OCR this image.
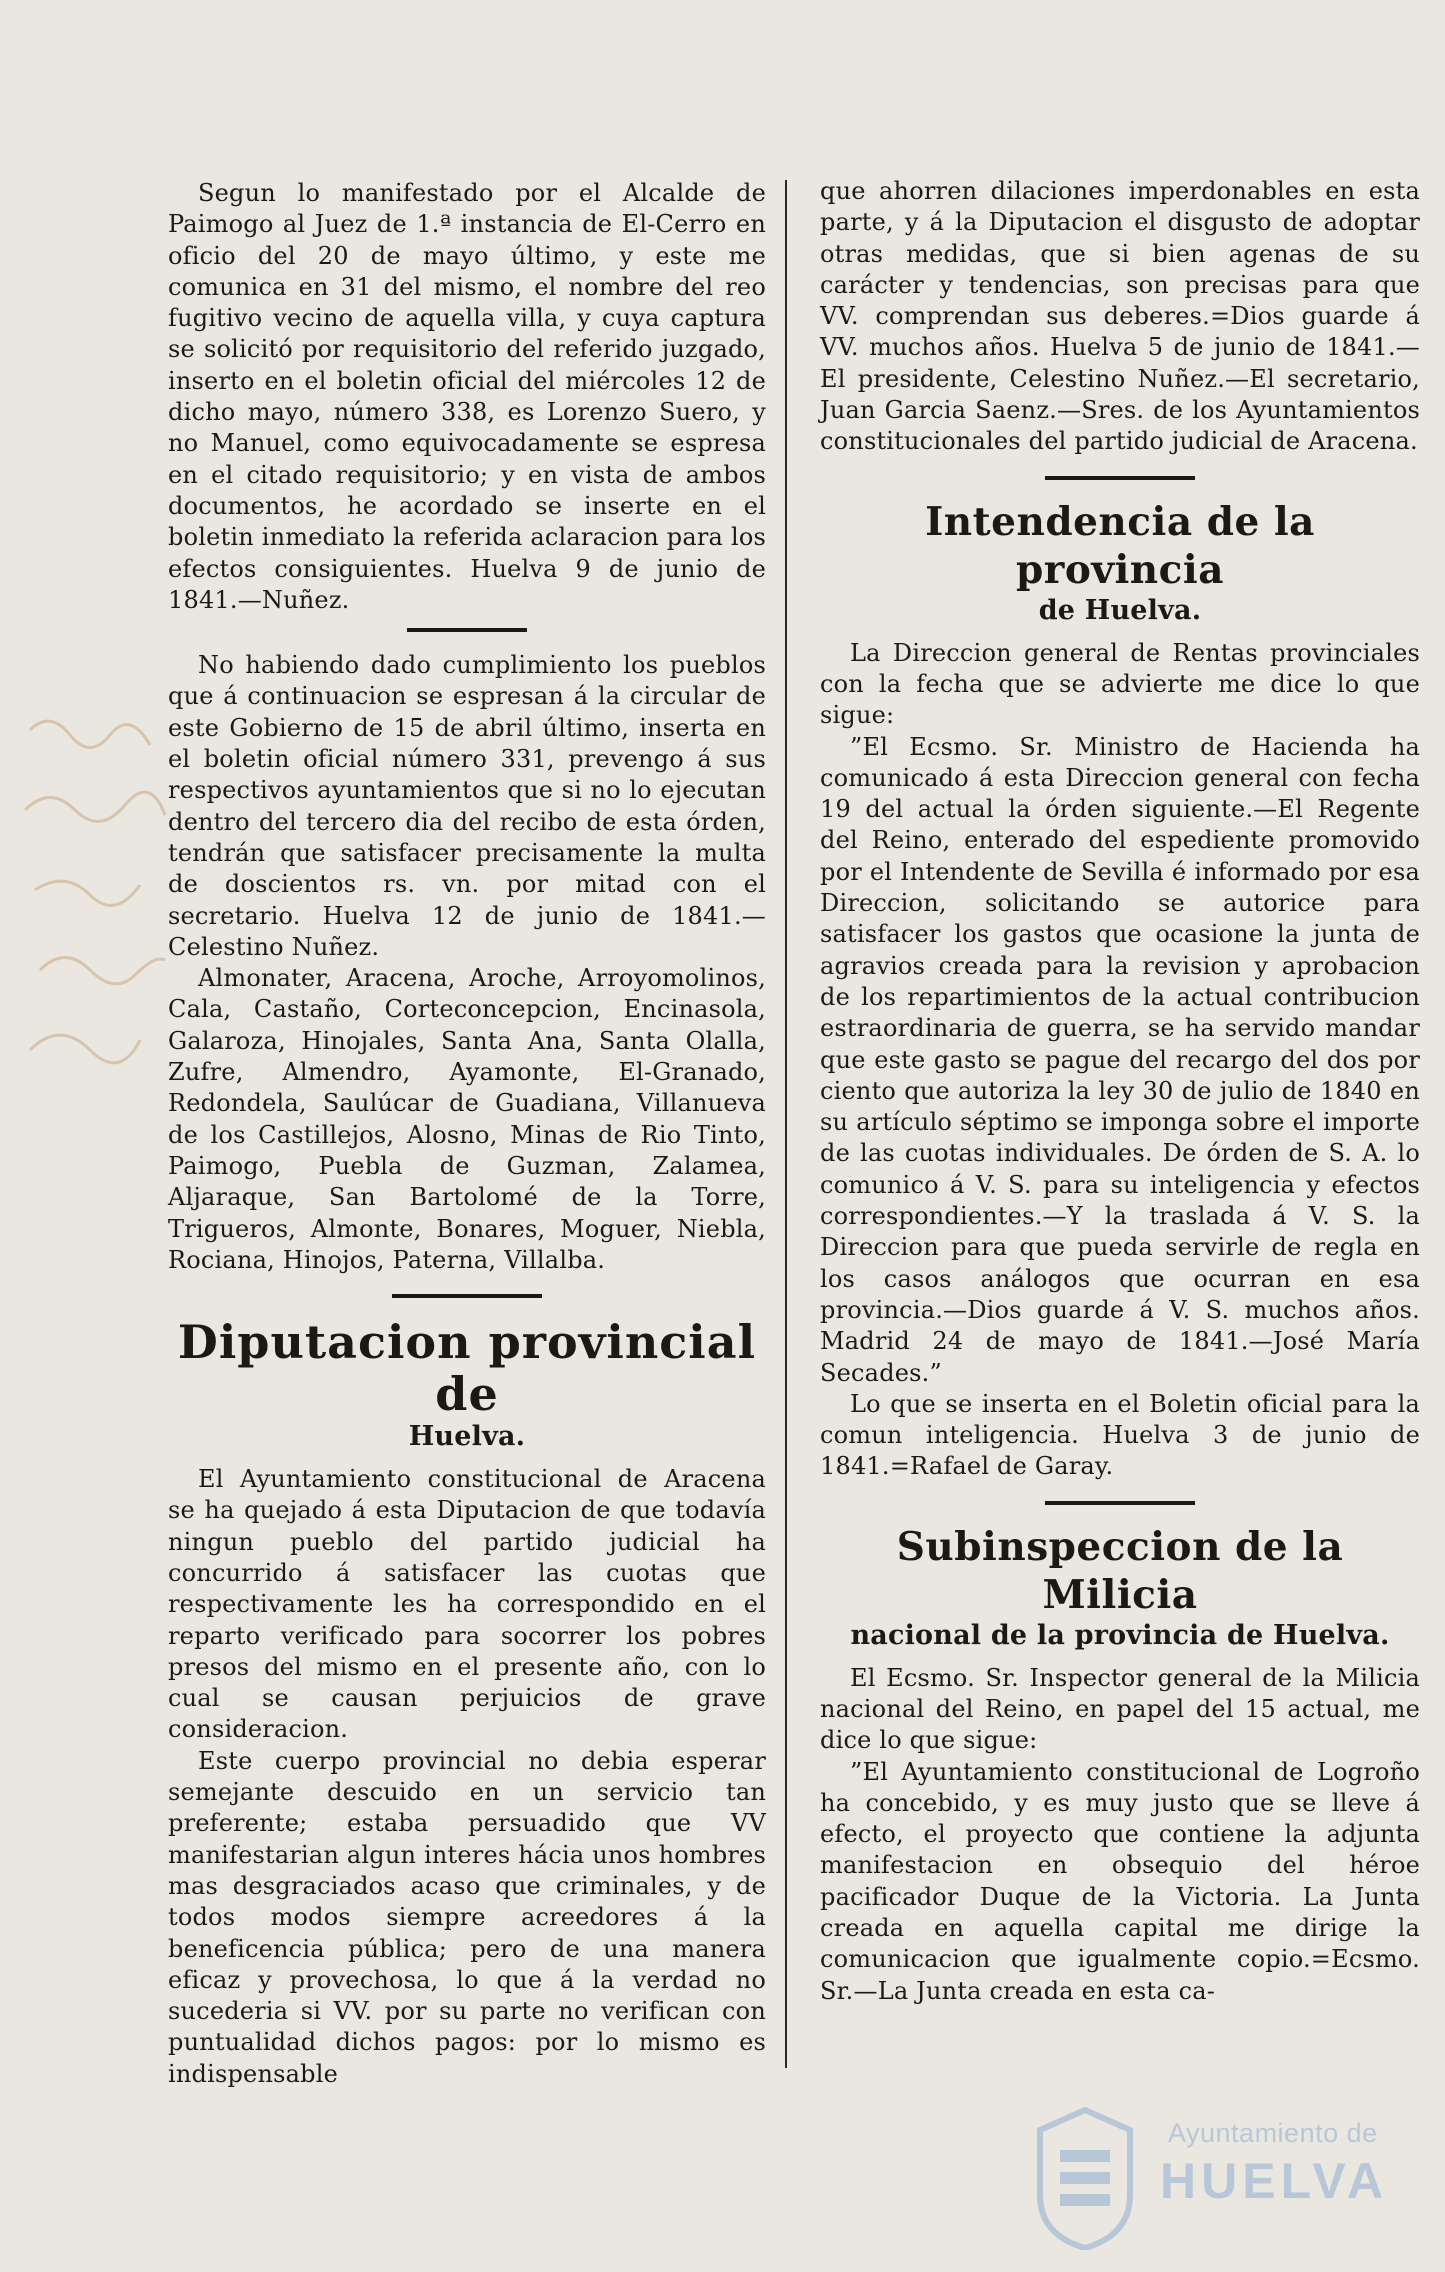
Segun lo manifestado por el Alcalde de Paimogo al Juez de 1.ª instancia de El-Cerro en oficio del 20 de mayo último, y este me comunica en 31 del mismo, el nombre del reo fugitivo vecino de aquella villa, y cuya captura se solicitó por requisitorio del referido juzgado, inserto en el boletin oficial del miércoles 12 de dicho mayo, número 338, es Lorenzo Suero, y no Manuel, como equivocadamente se espresa en el citado requisitorio; y en vista de ambos documentos, he acordado se inserte en el boletin inmediato la referida aclaracion para los efectos consiguientes. Huelva 9 de junio de 1841.—Nuñez.

No habiendo dado cumplimiento los pueblos que á continuacion se espresan á la circular de este Gobierno de 15 de abril último, inserta en el boletin oficial número 331, prevengo á sus respectivos ayuntamientos que si no lo ejecutan dentro del tercero dia del recibo de esta órden, tendrán que satisfacer precisamente la multa de doscientos rs. vn. por mitad con el secretario. Huelva 12 de junio de 1841.—Celestino Nuñez.

Almonater, Aracena, Aroche, Arroyomolinos, Cala, Castaño, Corteconcepcion, Encinasola, Galaroza, Hinojales, Santa Ana, Santa Olalla, Zufre, Almendro, Ayamonte, El-Granado, Redondela, Saulúcar de Guadiana, Villanueva de los Castillejos, Alosno, Minas de Rio Tinto, Paimogo, Puebla de Guzman, Zalamea, Aljaraque, San Bartolomé de la Torre, Trigueros, Almonte, Bonares, Moguer, Niebla, Rociana, Hinojos, Paterna, Villalba.

Diputacion provincial de
Huelva.

El Ayuntamiento constitucional de Aracena se ha quejado á esta Diputacion de que todavía ningun pueblo del partido judicial ha concurrido á satisfacer las cuotas que respectivamente les ha correspondido en el reparto verificado para socorrer los pobres presos del mismo en el presente año, con lo cual se causan perjuicios de grave consideracion.

Este cuerpo provincial no debia esperar semejante descuido en un servicio tan preferente; estaba persuadido que VV manifestarian algun interes hácia unos hombres mas desgraciados acaso que criminales, y de todos modos siempre acreedores á la beneficencia pública; pero de una manera eficaz y provechosa, lo que á la verdad no sucederia si VV. por su parte no verifican con puntualidad dichos pagos: por lo mismo es indispensable

que ahorren dilaciones imperdonables en esta parte, y á la Diputacion el disgusto de adoptar otras medidas, que si bien agenas de su carácter y tendencias, son precisas para que VV. comprendan sus deberes.=Dios guarde á VV. muchos años. Huelva 5 de junio de 1841.—El presidente, Celestino Nuñez.—El secretario, Juan Garcia Saenz.—Sres. de los Ayuntamientos constitucionales del partido judicial de Aracena.

Intendencia de la provincia
de Huelva.

La Direccion general de Rentas provinciales con la fecha que se advierte me dice lo que sigue:

”El Ecsmo. Sr. Ministro de Hacienda ha comunicado á esta Direccion general con fecha 19 del actual la órden siguiente.—El Regente del Reino, enterado del espediente promovido por el Intendente de Sevilla é informado por esa Direccion, solicitando se autorice para satisfacer los gastos que ocasione la junta de agravios creada para la revision y aprobacion de los repartimientos de la actual contribucion estraordinaria de guerra, se ha servido mandar que este gasto se pague del recargo del dos por ciento que autoriza la ley 30 de julio de 1840 en su artículo séptimo se imponga sobre el importe de las cuotas individuales. De órden de S. A. lo comunico á V. S. para su inteligencia y efectos correspondientes.—Y la traslada á V. S. la Direccion para que pueda servirle de regla en los casos análogos que ocurran en esa provincia.—Dios guarde á V. S. muchos años. Madrid 24 de mayo de 1841.—José María Secades.”

Lo que se inserta en el Boletin oficial para la comun inteligencia. Huelva 3 de junio de 1841.=Rafael de Garay.

Subinspeccion de la Milicia
nacional de la provincia de Huelva.

El Ecsmo. Sr. Inspector general de la Milicia nacional del Reino, en papel del 15 actual, me dice lo que sigue:

”El Ayuntamiento constitucional de Logroño ha concebido, y es muy justo que se lleve á efecto, el proyecto que contiene la adjunta manifestacion en obsequio del héroe pacificador Duque de la Victoria. La Junta creada en aquella capital me dirige la comunicacion que igualmente copio.=Ecsmo. Sr.—La Junta creada en esta ca-

Ayuntamiento de
HUELVA
